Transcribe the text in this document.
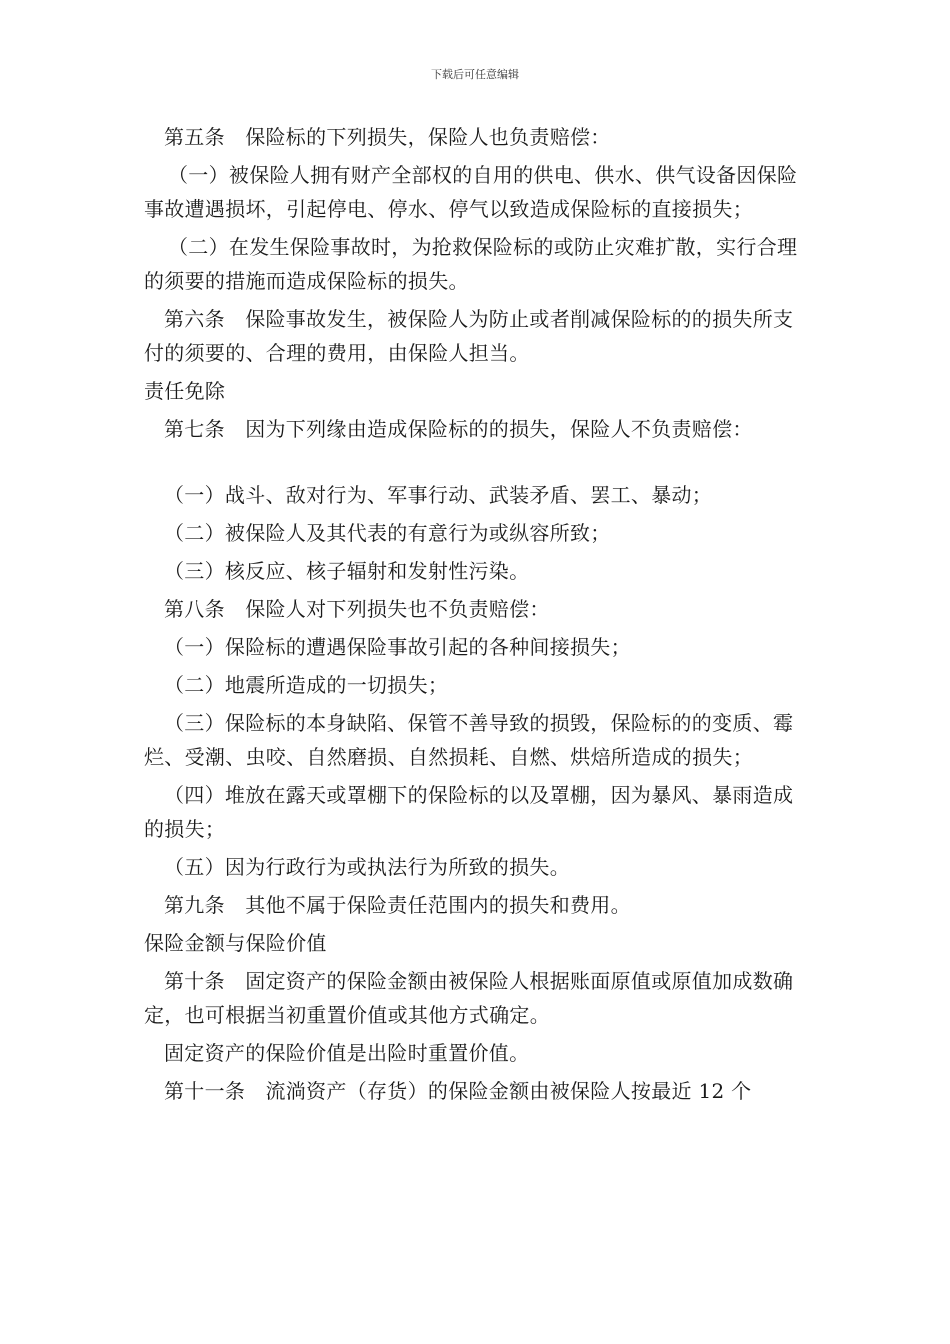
下载后可任意编辑

第五条　保险标的下列损失，保险人也负责赔偿：

（一）被保险人拥有财产全部权的自用的供电、供水、供气设备因保险事故遭遇损坏，引起停电、停水、停气以致造成保险标的直接损失；

（二）在发生保险事故时，为抢救保险标的或防止灾难扩散，实行合理的须要的措施而造成保险标的损失。

第六条　保险事故发生，被保险人为防止或者削减保险标的的损失所支付的须要的、合理的费用，由保险人担当。

责任免除

第七条　因为下列缘由造成保险标的的损失，保险人不负责赔偿：

（一）战斗、敌对行为、军事行动、武装矛盾、罢工、暴动；

（二）被保险人及其代表的有意行为或纵容所致；

（三）核反应、核子辐射和发射性污染。

第八条　保险人对下列损失也不负责赔偿：

（一）保险标的遭遇保险事故引起的各种间接损失；

（二）地震所造成的一切损失；

（三）保险标的本身缺陷、保管不善导致的损毁，保险标的的变质、霉烂、受潮、虫咬、自然磨损、自然损耗、自燃、烘焙所造成的损失；

（四）堆放在露天或罩棚下的保险标的以及罩棚，因为暴风、暴雨造成的损失；

（五）因为行政行为或执法行为所致的损失。

第九条　其他不属于保险责任范围内的损失和费用。

保险金额与保险价值

第十条　固定资产的保险金额由被保险人根据账面原值或原值加成数确定，也可根据当初重置价值或其他方式确定。

固定资产的保险价值是出险时重置价值。

第十一条　流淌资产（存货）的保险金额由被保险人按最近 12 个
